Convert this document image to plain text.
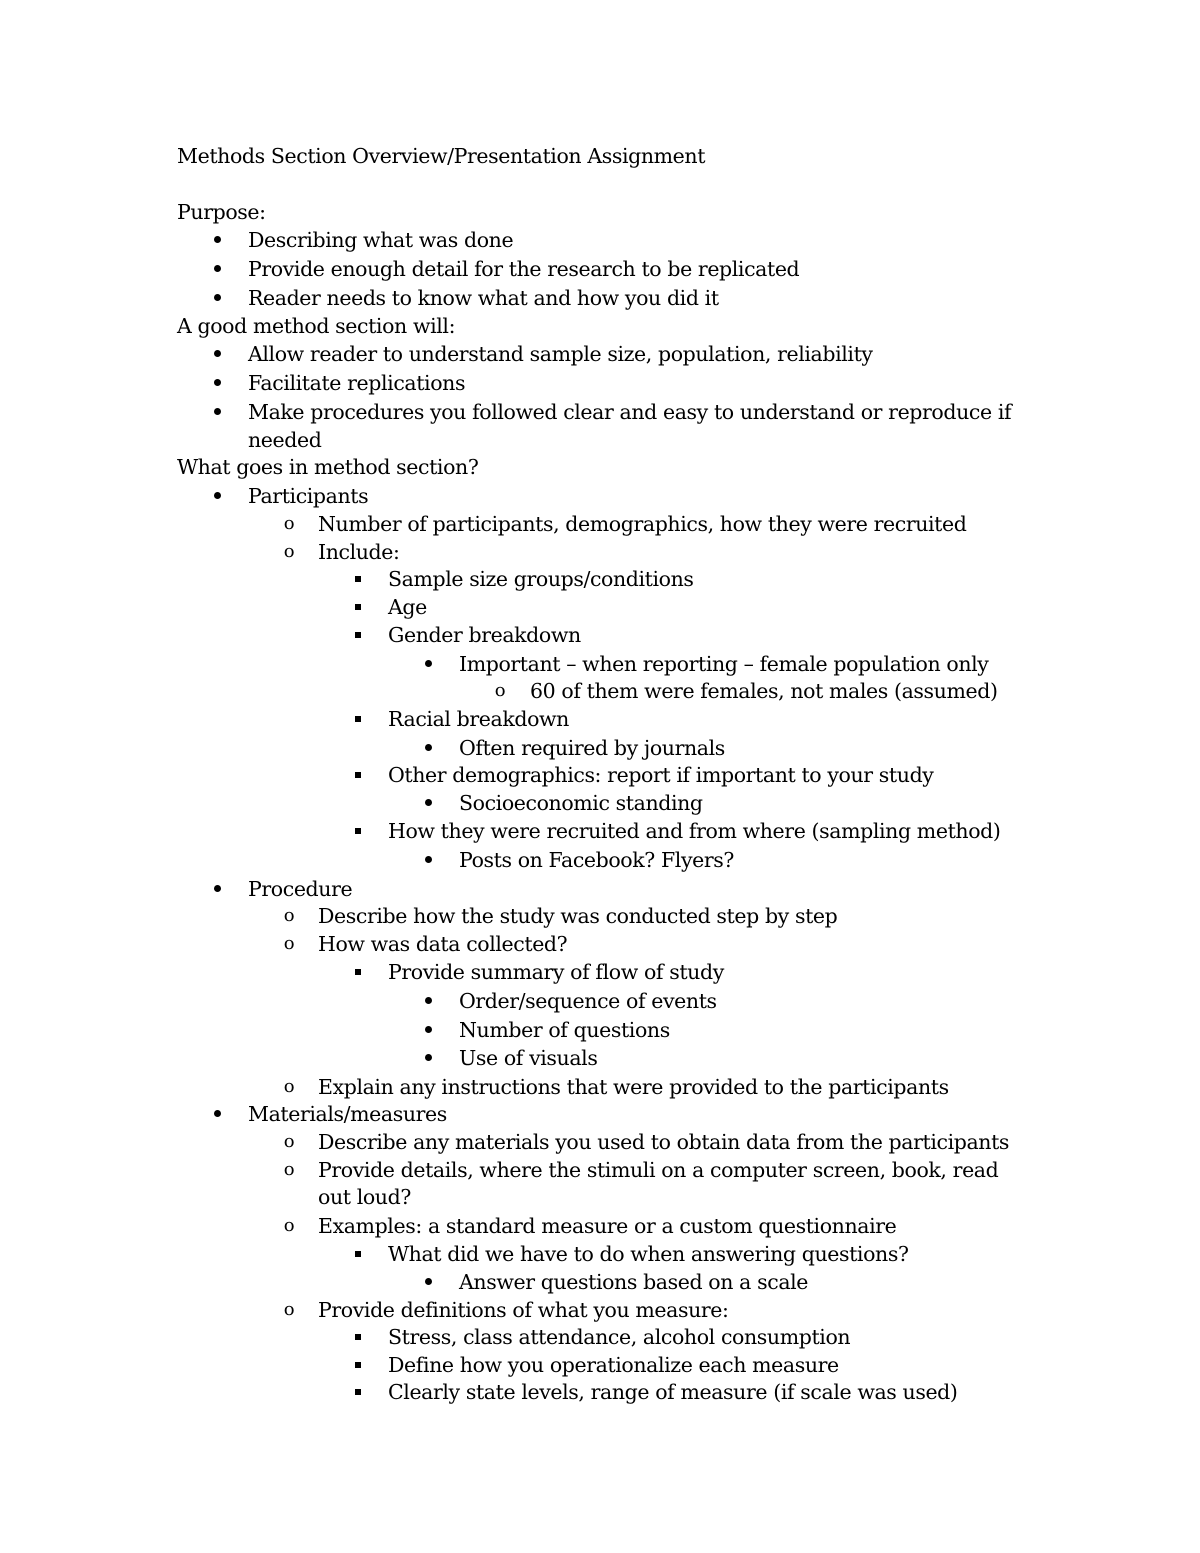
Methods Section Overview/Presentation Assignment
Purpose:
Describing what was done
Provide enough detail for the research to be replicated
Reader needs to know what and how you did it
A good method section will:
Allow reader to understand sample size, population, reliability
Facilitate replications
Make procedures you followed clear and easy to understand or reproduce if
needed
What goes in method section?
Participants
o	Number of participants, demographics, how they were recruited
o	Include:
Sample size groups/conditions
Age
Gender breakdown
Important – when reporting – female population only
o	60 of them were females, not males (assumed)
Racial breakdown
Often required by journals
Other demographics: report if important to your study
Socioeconomic standing
How they were recruited and from where (sampling method)
Posts on Facebook? Flyers?
Procedure
o	Describe how the study was conducted step by step
o	How was data collected?
Provide summary of flow of study
Order/sequence of events
Number of questions
Use of visuals
o	Explain any instructions that were provided to the participants
Materials/measures
o	Describe any materials you used to obtain data from the participants
o	Provide details, where the stimuli on a computer screen, book, read
out loud?
o	Examples: a standard measure or a custom questionnaire
What did we have to do when answering questions?
Answer questions based on a scale
o	Provide definitions of what you measure:
Stress, class attendance, alcohol consumption
Define how you operationalize each measure
Clearly state levels, range of measure (if scale was used)
